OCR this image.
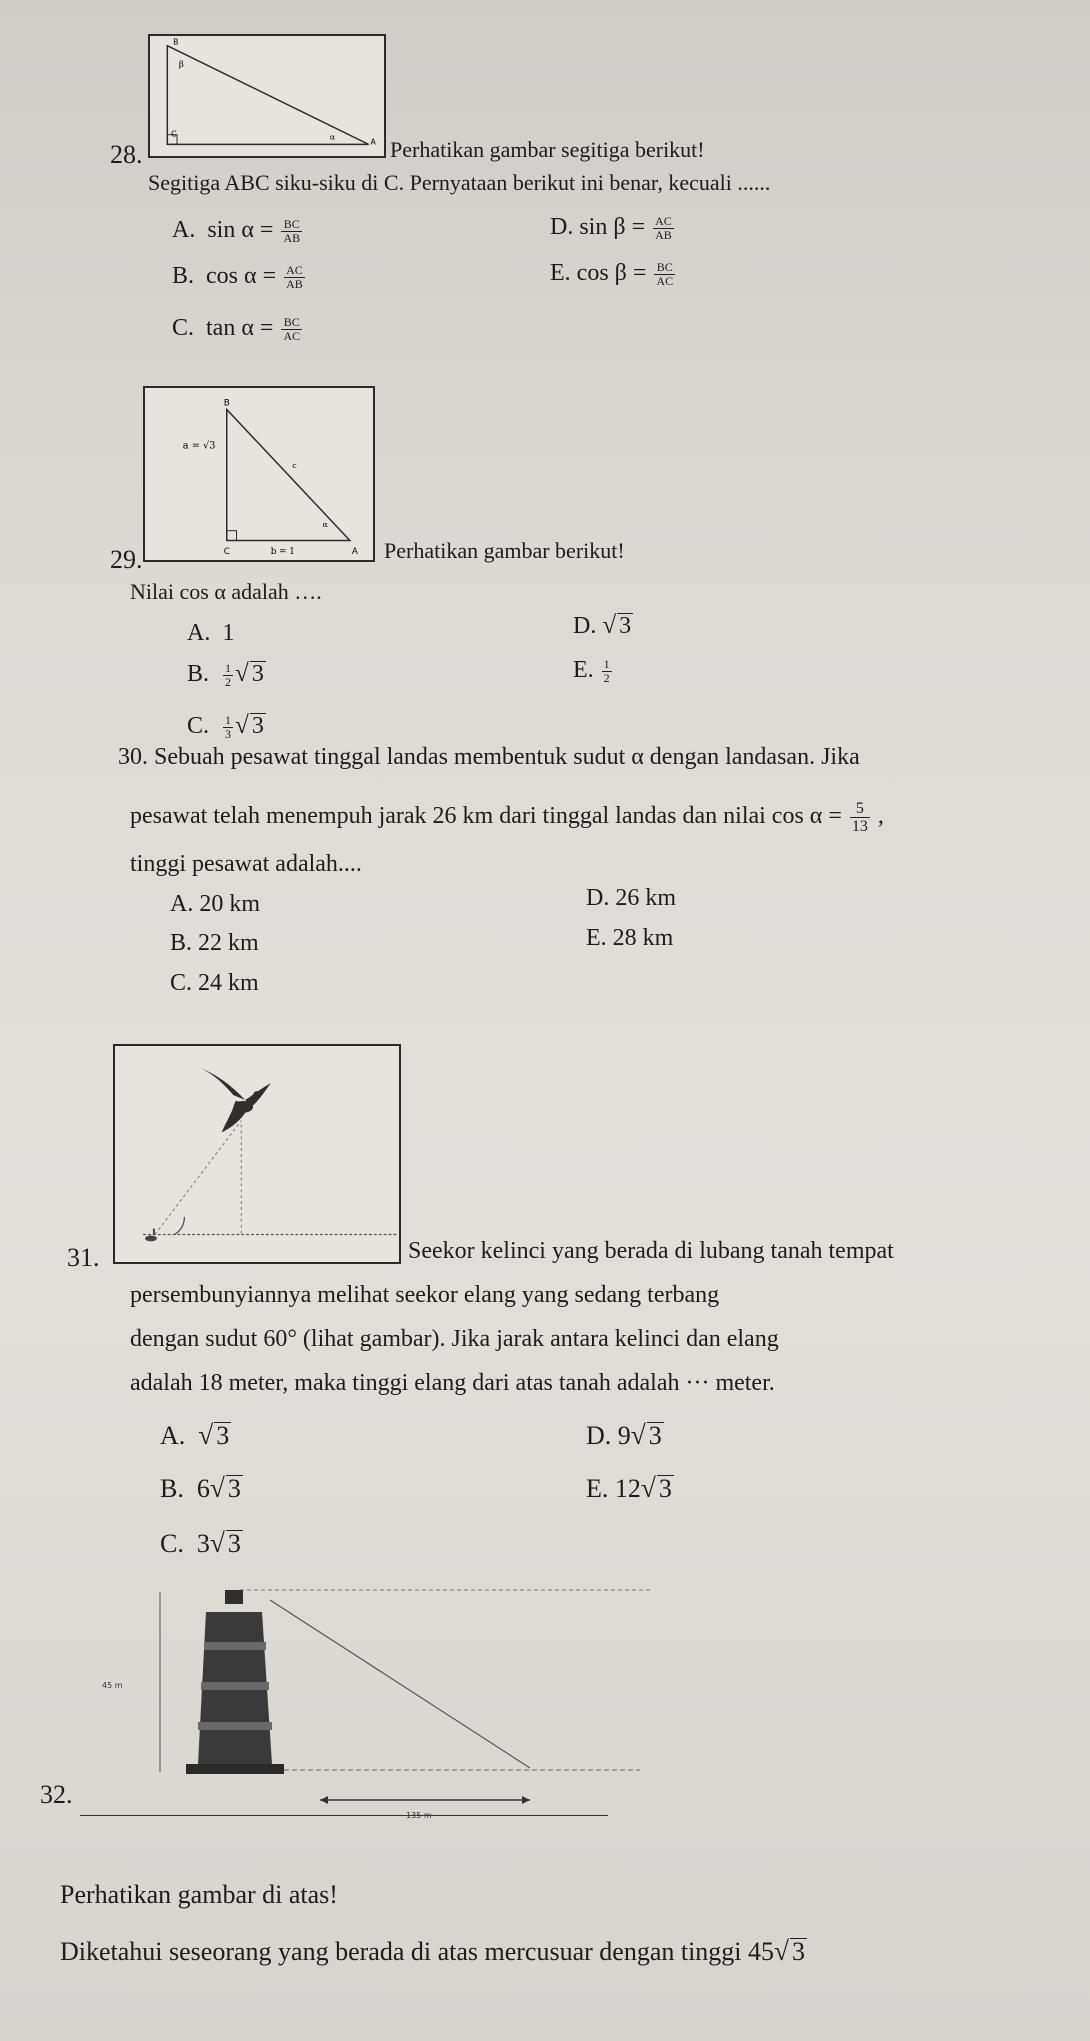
B
β
C	α
A
28.	Perhatikan gambar segitiga berikut!
Segitiga ABC siku-siku di C. Pernyataan berikut ini benar, kecuali ......
A. $\sin \alpha = \frac{BC}{AB}$
B. $\cos \alpha = \frac{AC}{AB}$
C. $\tan \alpha = \frac{BC}{AC}$
D. $\sin \beta = \frac{AC}{AB}$
E. $\cos \beta = \frac{BC}{AC}$
B
a = √3
c
α
C	b = 1	A
29.	Perhatikan gambar berikut!
Nilai cos α adalah ….
A. 1
B. $\frac{1}{2}$ √ 3
C. $\frac{1}{3}$ √ 3
D. √ 3
E. $\frac{1}{2}$
30. Sebuah pesawat tinggal landas membentuk sudut α dengan landasan. Jika
pesawat telah menempuh jarak 26 km dari tinggal landas dan nilai $\cos \alpha = \frac{5}{13}$ ,
tinggi pesawat adalah....
A. 20 km
B. 22 km
C. 24 km
D. 26 km
E. 28 km
31.	Seekor kelinci yang berada di lubang tanah tempat
persembunyiannya melihat seekor elang yang sedang terbang
dengan sudut 60° (lihat gambar). Jika jarak antara kelinci dan elang
adalah 18 meter, maka tinggi elang dari atas tanah adalah ··· meter.
A. √ 3
B. 6√ 3
C. 3√ 3
D. 9√ 3
E. 12√ 3
45 m
135 m
32.
Perhatikan gambar di atas!
Diketahui seseorang yang berada di atas mercusuar dengan tinggi 45√ 3
